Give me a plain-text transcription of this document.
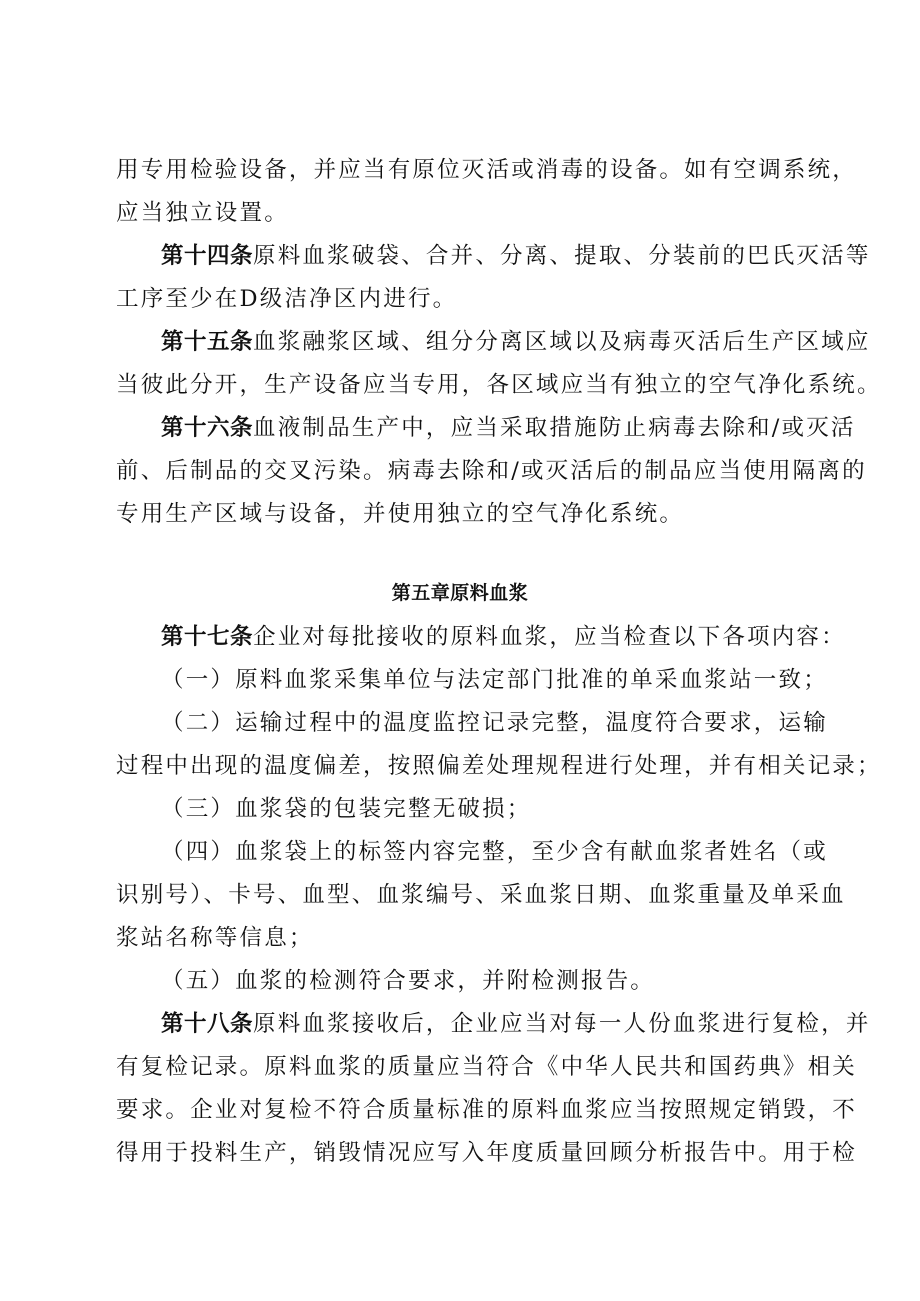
用专用检验设备，并应当有原位灭活或消毒的设备。如有空调系统，
应当独立设置。
第十四条原料血浆破袋、合并、分离、提取、分装前的巴氏灭活等
工序至少在D级洁净区内进行。
第十五条血浆融浆区域、组分分离区域以及病毒灭活后生产区域应
当彼此分开，生产设备应当专用，各区域应当有独立的空气净化系统。
第十六条血液制品生产中，应当采取措施防止病毒去除和/或灭活
前、后制品的交叉污染。病毒去除和/或灭活后的制品应当使用隔离的
专用生产区域与设备，并使用独立的空气净化系统。
第五章原料血浆
第十七条企业对每批接收的原料血浆，应当检查以下各项内容：
（一）原料血浆采集单位与法定部门批准的单采血浆站一致；
（二）运输过程中的温度监控记录完整，温度符合要求，运输
过程中出现的温度偏差，按照偏差处理规程进行处理，并有相关记录；
（三）血浆袋的包装完整无破损；
（四）血浆袋上的标签内容完整，至少含有献血浆者姓名（或
识别号）、卡号、血型、血浆编号、采血浆日期、血浆重量及单采血
浆站名称等信息；
（五）血浆的检测符合要求，并附检测报告。
第十八条原料血浆接收后，企业应当对每一人份血浆进行复检，并
有复检记录。原料血浆的质量应当符合《中华人民共和国药典》相关
要求。企业对复检不符合质量标准的原料血浆应当按照规定销毁，不
得用于投料生产，销毁情况应写入年度质量回顾分析报告中。用于检
